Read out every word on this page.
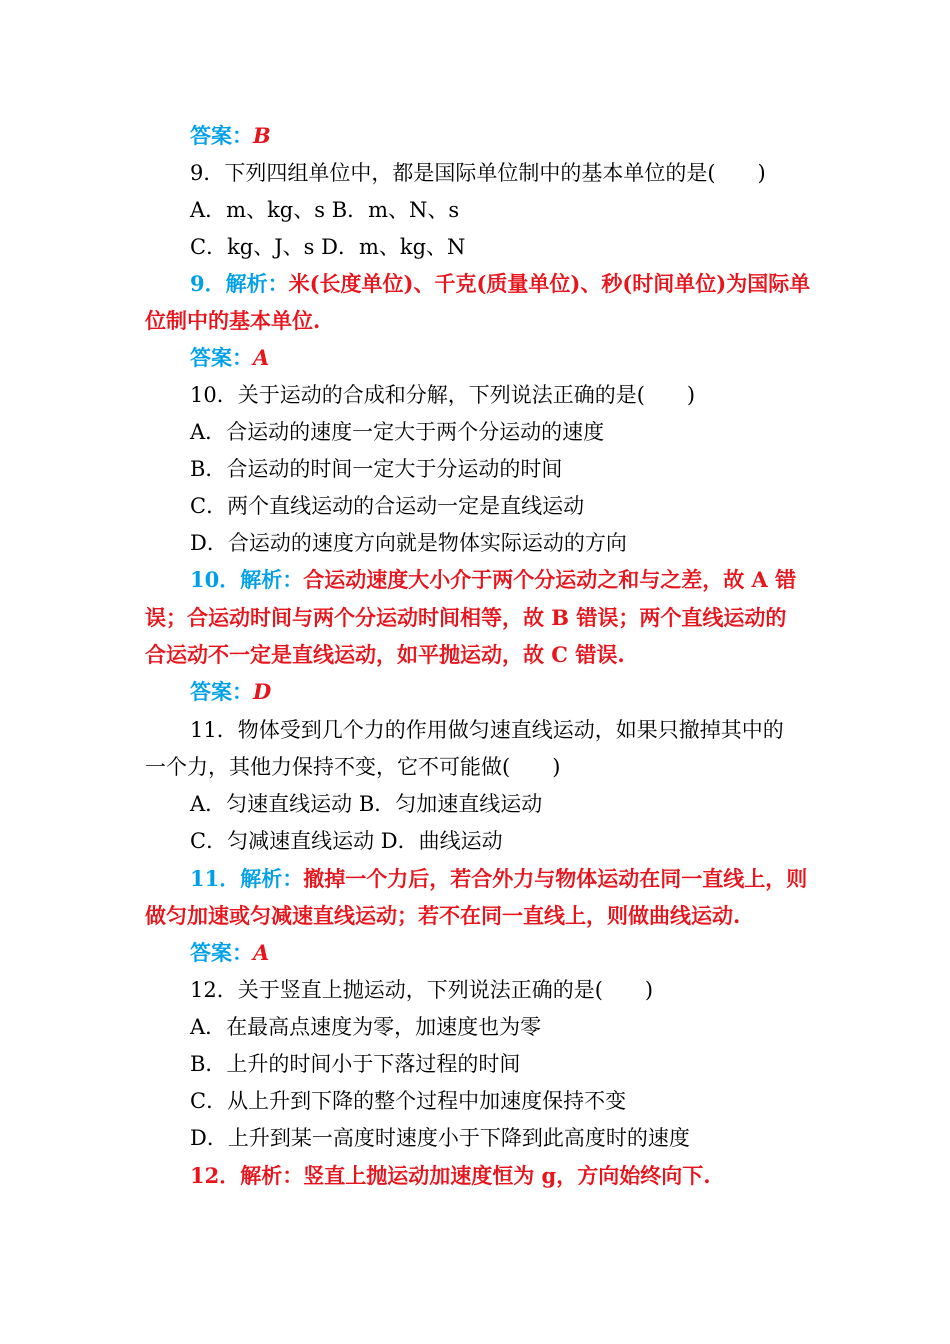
答案：B
9．下列四组单位中，都是国际单位制中的基本单位的是(　　)
A．m、kg、s B．m、N、s
C．kg、J、s D．m、kg、N
9．解析：米(长度单位)、千克(质量单位)、秒(时间单位)为国际单
位制中的基本单位.
答案：A
10．关于运动的合成和分解，下列说法正确的是(　　)
A．合运动的速度一定大于两个分运动的速度
B．合运动的时间一定大于分运动的时间
C．两个直线运动的合运动一定是直线运动
D．合运动的速度方向就是物体实际运动的方向
10．解析：合运动速度大小介于两个分运动之和与之差，故 A 错
误；合运动时间与两个分运动时间相等，故 B 错误；两个直线运动的
合运动不一定是直线运动，如平抛运动，故 C 错误.
答案：D
11．物体受到几个力的作用做匀速直线运动，如果只撤掉其中的
一个力，其他力保持不变，它不可能做(　　)
A．匀速直线运动 B．匀加速直线运动
C．匀减速直线运动 D．曲线运动
11．解析：撤掉一个力后，若合外力与物体运动在同一直线上，则
做匀加速或匀减速直线运动；若不在同一直线上，则做曲线运动.
答案：A
12．关于竖直上抛运动，下列说法正确的是(　　)
A．在最高点速度为零，加速度也为零
B．上升的时间小于下落过程的时间
C．从上升到下降的整个过程中加速度保持不变
D．上升到某一高度时速度小于下降到此高度时的速度
12．解析：竖直上抛运动加速度恒为 g，方向始终向下.
